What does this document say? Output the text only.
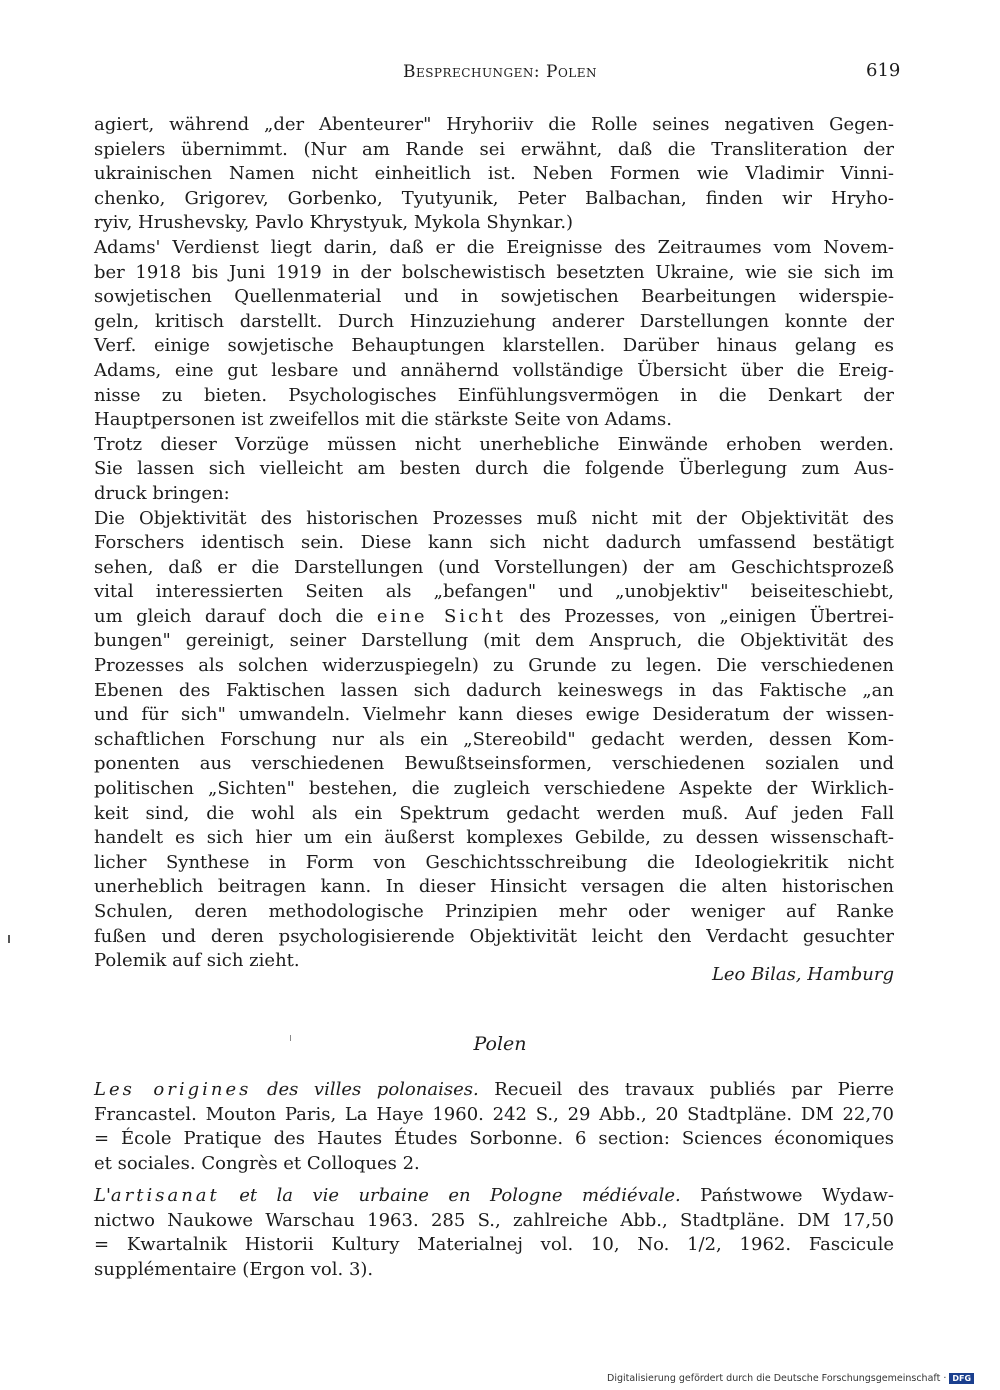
Besprechungen: Polen	619
agiert, während „der Abenteurer" Hryhoriiv die Rolle seines negativen Gegen-
spielers übernimmt. (Nur am Rande sei erwähnt, daß die Transliteration der
ukrainischen Namen nicht einheitlich ist. Neben Formen wie Vladimir Vinni-
chenko, Grigorev, Gorbenko, Tyutyunik, Peter Balbachan, finden wir Hryho-
ryiv, Hrushevsky, Pavlo Khrystyuk, Mykola Shynkar.)
Adams' Verdienst liegt darin, daß er die Ereignisse des Zeitraumes vom Novem-
ber 1918 bis Juni 1919 in der bolschewistisch besetzten Ukraine, wie sie sich im
sowjetischen Quellenmaterial und in sowjetischen Bearbeitungen widerspie-
geln, kritisch darstellt. Durch Hinzuziehung anderer Darstellungen konnte der
Verf. einige sowjetische Behauptungen klarstellen. Darüber hinaus gelang es
Adams, eine gut lesbare und annähernd vollständige Übersicht über die Ereig-
nisse zu bieten. Psychologisches Einfühlungsvermögen in die Denkart der
Hauptpersonen ist zweifellos mit die stärkste Seite von Adams.
Trotz dieser Vorzüge müssen nicht unerhebliche Einwände erhoben werden.
Sie lassen sich vielleicht am besten durch die folgende Überlegung zum Aus-
druck bringen:
Die Objektivität des historischen Prozesses muß nicht mit der Objektivität des
Forschers identisch sein. Diese kann sich nicht dadurch umfassend bestätigt
sehen, daß er die Darstellungen (und Vorstellungen) der am Geschichtsprozeß
vital interessierten Seiten als „befangen" und „unobjektiv" beiseiteschiebt,
um gleich darauf doch die eine Sicht des Prozesses, von „einigen Übertrei-
bungen" gereinigt, seiner Darstellung (mit dem Anspruch, die Objektivität des
Prozesses als solchen widerzuspiegeln) zu Grunde zu legen. Die verschiedenen
Ebenen des Faktischen lassen sich dadurch keineswegs in das Faktische „an
und für sich" umwandeln. Vielmehr kann dieses ewige Desideratum der wissen-
schaftlichen Forschung nur als ein „Stereobild" gedacht werden, dessen Kom-
ponenten aus verschiedenen Bewußtseinsformen, verschiedenen sozialen und
politischen „Sichten" bestehen, die zugleich verschiedene Aspekte der Wirklich-
keit sind, die wohl als ein Spektrum gedacht werden muß. Auf jeden Fall
handelt es sich hier um ein äußerst komplexes Gebilde, zu dessen wissenschaft-
licher Synthese in Form von Geschichtsschreibung die Ideologiekritik nicht
unerheblich beitragen kann. In dieser Hinsicht versagen die alten historischen
Schulen, deren methodologische Prinzipien mehr oder weniger auf Ranke
fußen und deren psychologisierende Objektivität leicht den Verdacht gesuchter
Polemik auf sich zieht.
Leo Bilas, Hamburg
Polen
Les origines des villes polonaises. Recueil des travaux publiés par Pierre
Francastel. Mouton Paris, La Haye 1960. 242 S., 29 Abb., 20 Stadtpläne. DM 22,70
= École Pratique des Hautes Études Sorbonne. 6 section: Sciences économiques
et sociales. Congrès et Colloques 2.
L'artisanat et la vie urbaine en Pologne médiévale. Państwowe Wydaw-
nictwo Naukowe Warschau 1963. 285 S., zahlreiche Abb., Stadtpläne. DM 17,50
= Kwartalnik Historii Kultury Materialnej vol. 10, No. 1/2, 1962. Fascicule
supplémentaire (Ergon vol. 3).
Digitalisierung gefördert durch die Deutsche Forschungsgemeinschaft · DFG
